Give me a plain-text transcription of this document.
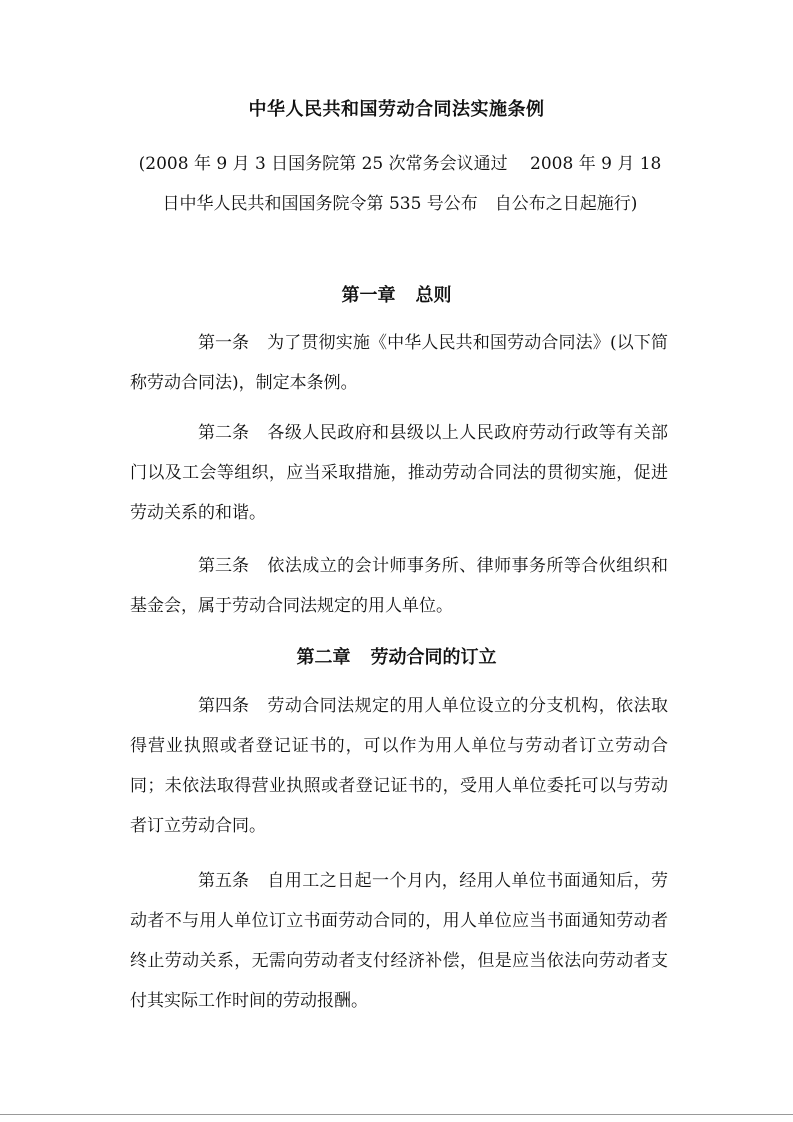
中华人民共和国劳动合同法实施条例

(2008 年 9 月 3 日国务院第 25 次常务会议通过　 2008 年 9 月 18 日中华人民共和国国务院令第 535 号公布　自公布之日起施行)

第一章 总则

第一条 为了贯彻实施《中华人民共和国劳动合同法》(以下简称劳动合同法)，制定本条例。

第二条 各级人民政府和县级以上人民政府劳动行政等有关部门以及工会等组织，应当采取措施，推动劳动合同法的贯彻实施，促进劳动关系的和谐。

第三条 依法成立的会计师事务所、律师事务所等合伙组织和基金会，属于劳动合同法规定的用人单位。

第二章 劳动合同的订立

第四条 劳动合同法规定的用人单位设立的分支机构，依法取得营业执照或者登记证书的，可以作为用人单位与劳动者订立劳动合同；未依法取得营业执照或者登记证书的，受用人单位委托可以与劳动者订立劳动合同。

第五条 自用工之日起一个月内，经用人单位书面通知后，劳动者不与用人单位订立书面劳动合同的，用人单位应当书面通知劳动者终止劳动关系，无需向劳动者支付经济补偿，但是应当依法向劳动者支付其实际工作时间的劳动报酬。
